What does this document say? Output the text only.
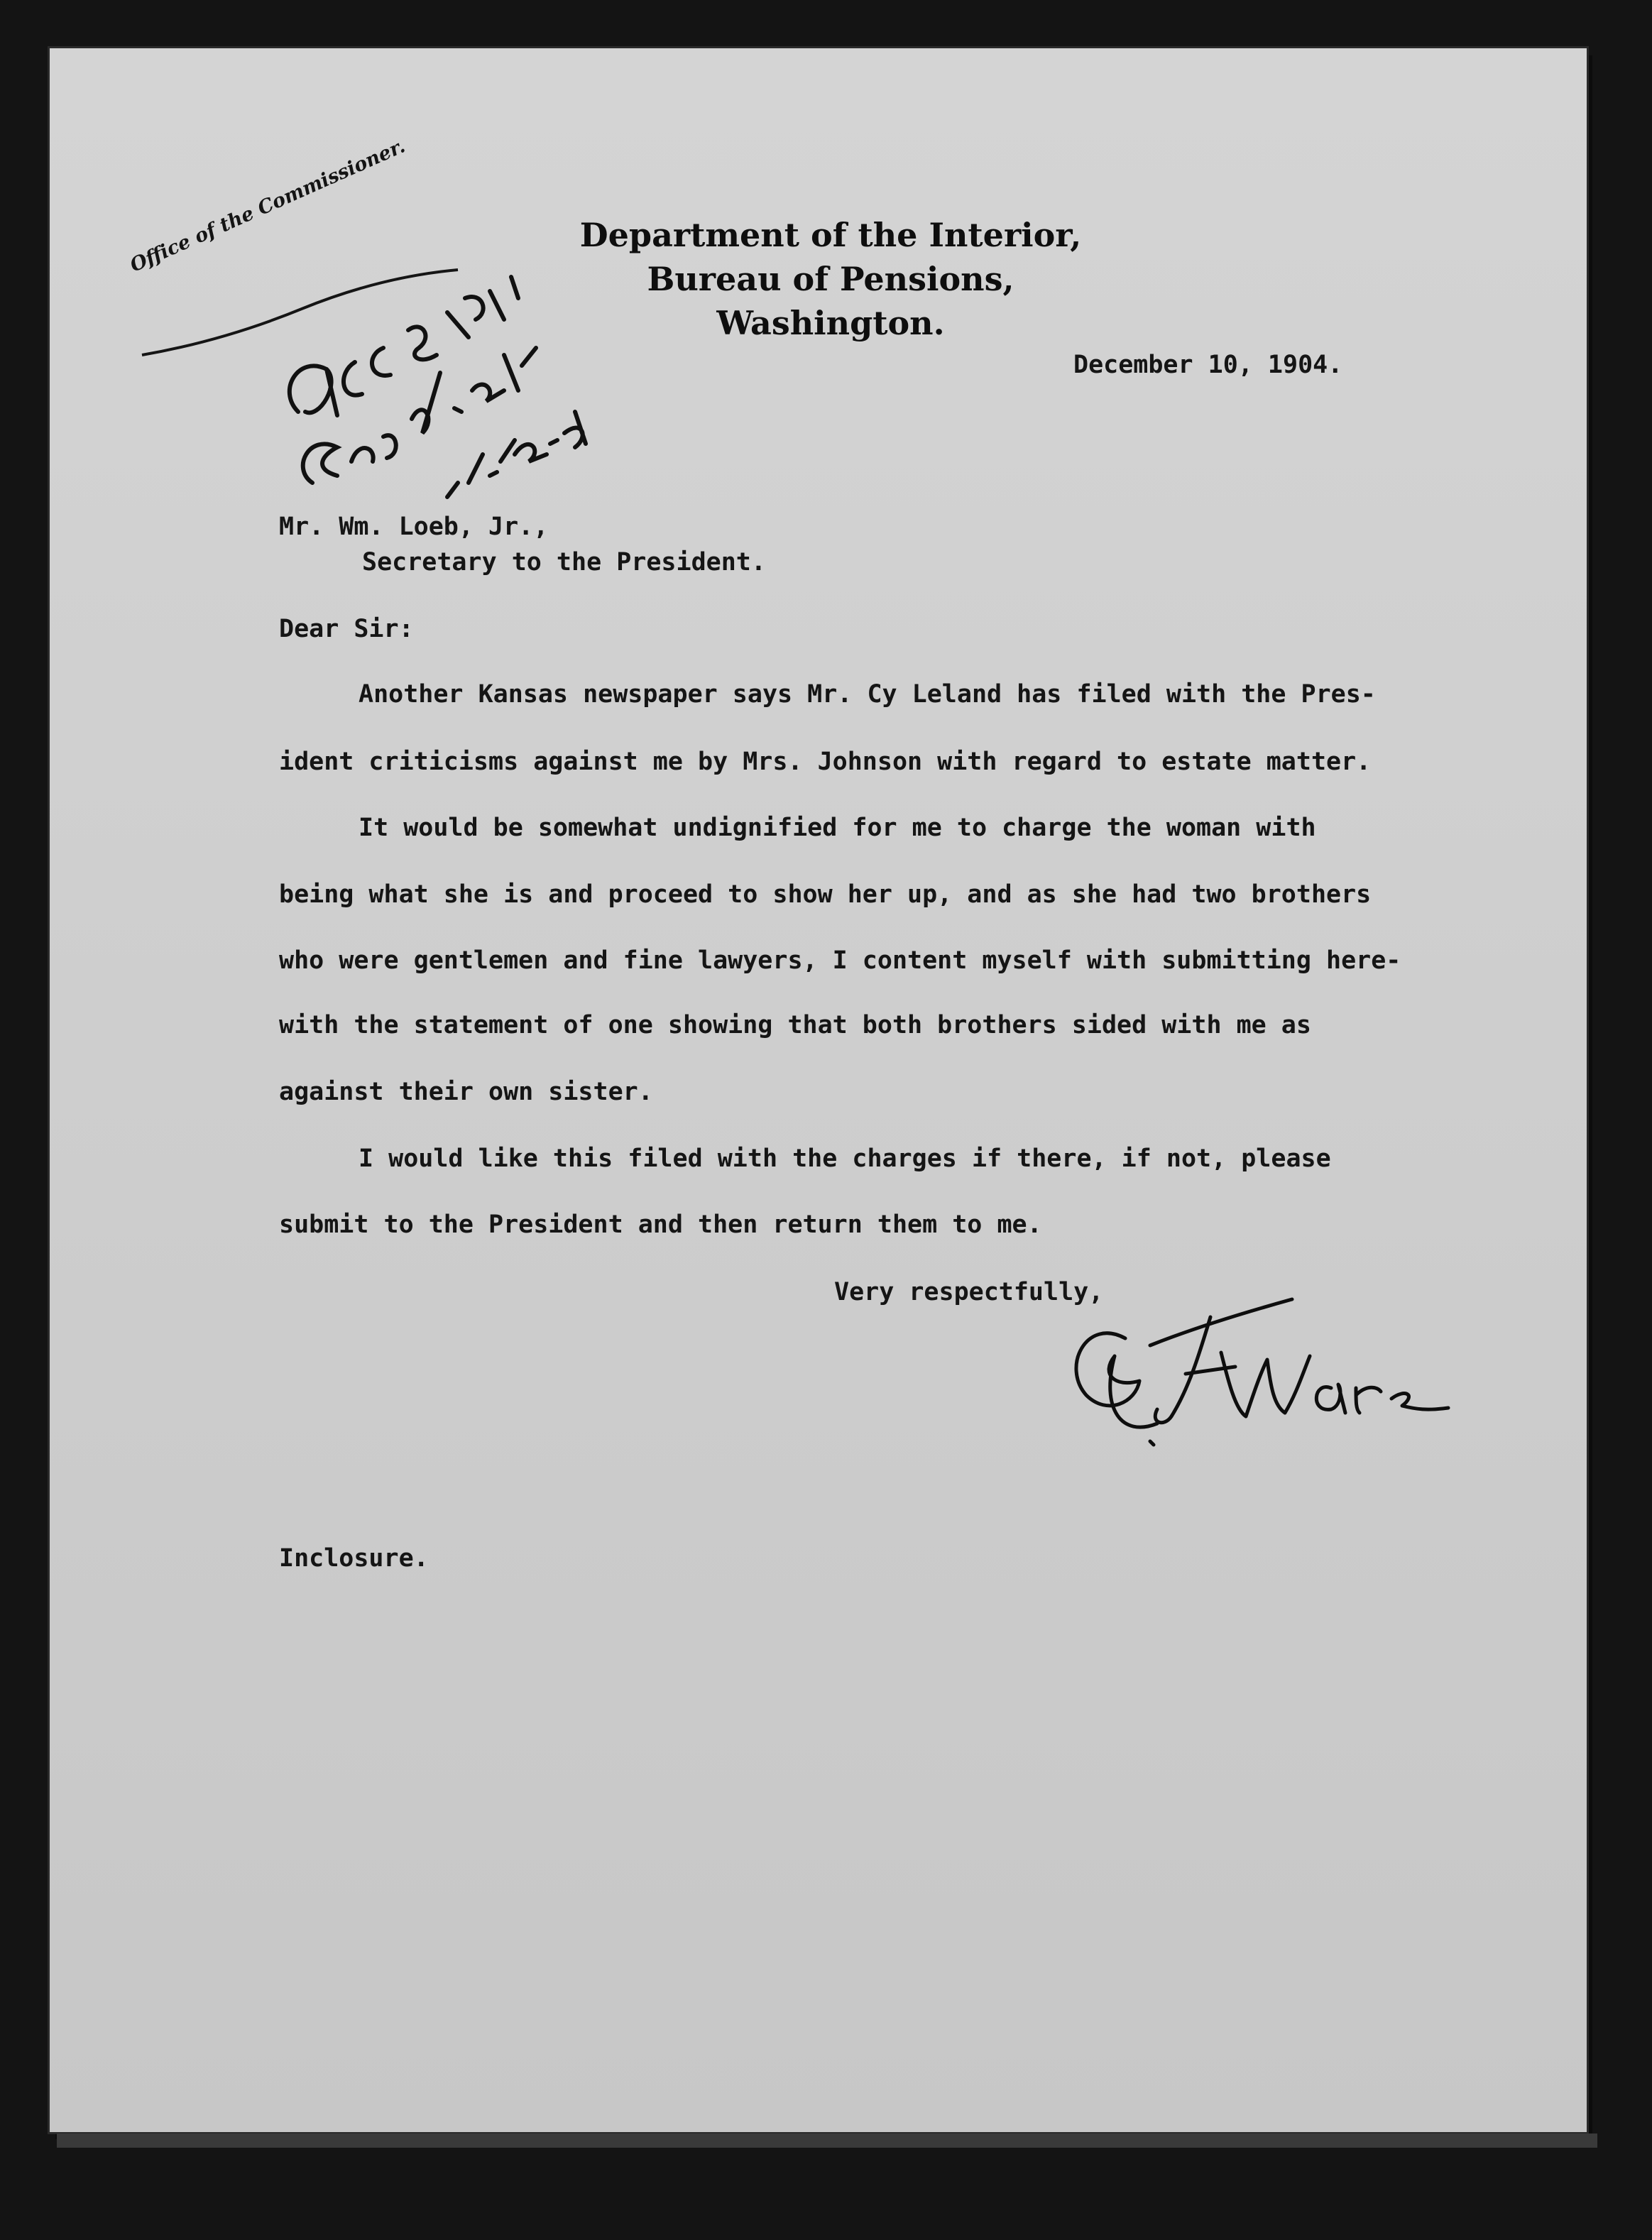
Department of the Interior,
Bureau of Pensions,
Washington.
Office of the Commissioner.
December 10, 1904.
Mr. Wm. Loeb, Jr.,
Secretary to the President.
Dear Sir:
Another Kansas newspaper says Mr. Cy Leland has filed with the Pres-
ident criticisms against me by Mrs. Johnson with regard to estate matter.
It would be somewhat undignified for me to charge the woman with
being what she is and proceed to show her up, and as she had two brothers
who were gentlemen and fine lawyers, I content myself with submitting here-
with the statement of one showing that both brothers sided with me as
against their own sister.
I would like this filed with the charges if there, if not, please
submit to the President and then return them to me.
Very respectfully,
Inclosure.
